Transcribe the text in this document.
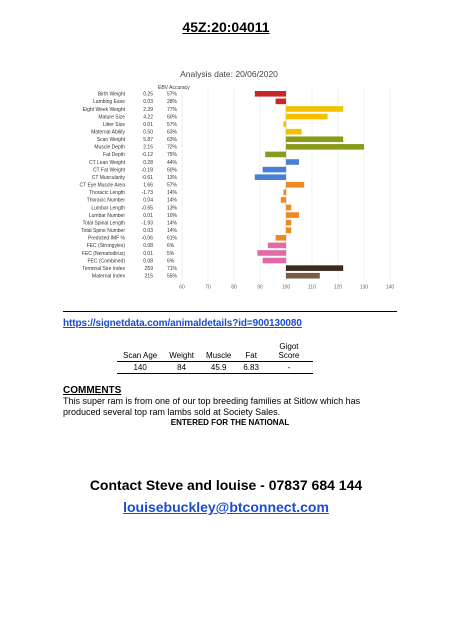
45Z:20:04011
Analysis date: 20/06/2020
EBV Accuracy
60	70	80	90	100	110	120	130	140
Birth Weight	0.25	57%
Lambing Ease	0.03	28%
Eight Week Weight	2.39	77%
Mature Size	4.22	60%
Litter Size	0.01	57%
Maternal Ability	0.50	63%
Scan Weight	5.87	63%
Muscle Depth	2.15	72%
Fat Depth	-0.12	75%
CT Lean Weight	0.28	44%
CT Fat Weight	-0.18	60%
CT Muscularity	-0.61	13%
CT Eye Muscle Area	1.66	57%
Thoracic Length	-1.73	14%
Thoracic Number	0.04	14%
Lumbar Length	-0.65	13%
Lumbar Number	0.01	10%
Total Spinal Length	-1.93	14%
Total Spine Number	0.03	14%
Predicted IMF %	-0.06	61%
FEC (Strongyles)	0.08	6%
FEC (Nematodirus)	0.01	5%
FEC (Combined)	0.08	6%
Terminal Sire Index	259	71%
Maternal Index	215	55%
https://signetdata.com/animaldetails?id=900130080
Scan Age	Weight	Muscle	Fat	Gigot Score
140	84	45.9	6.83	-
COMMENTS
This super ram is from one of our top breeding families at Sitlow which has produced several top ram lambs sold at Society Sales.
ENTERED FOR THE NATIONAL
Contact Steve and louise - 07837 684 144
louisebuckley@btconnect.com
